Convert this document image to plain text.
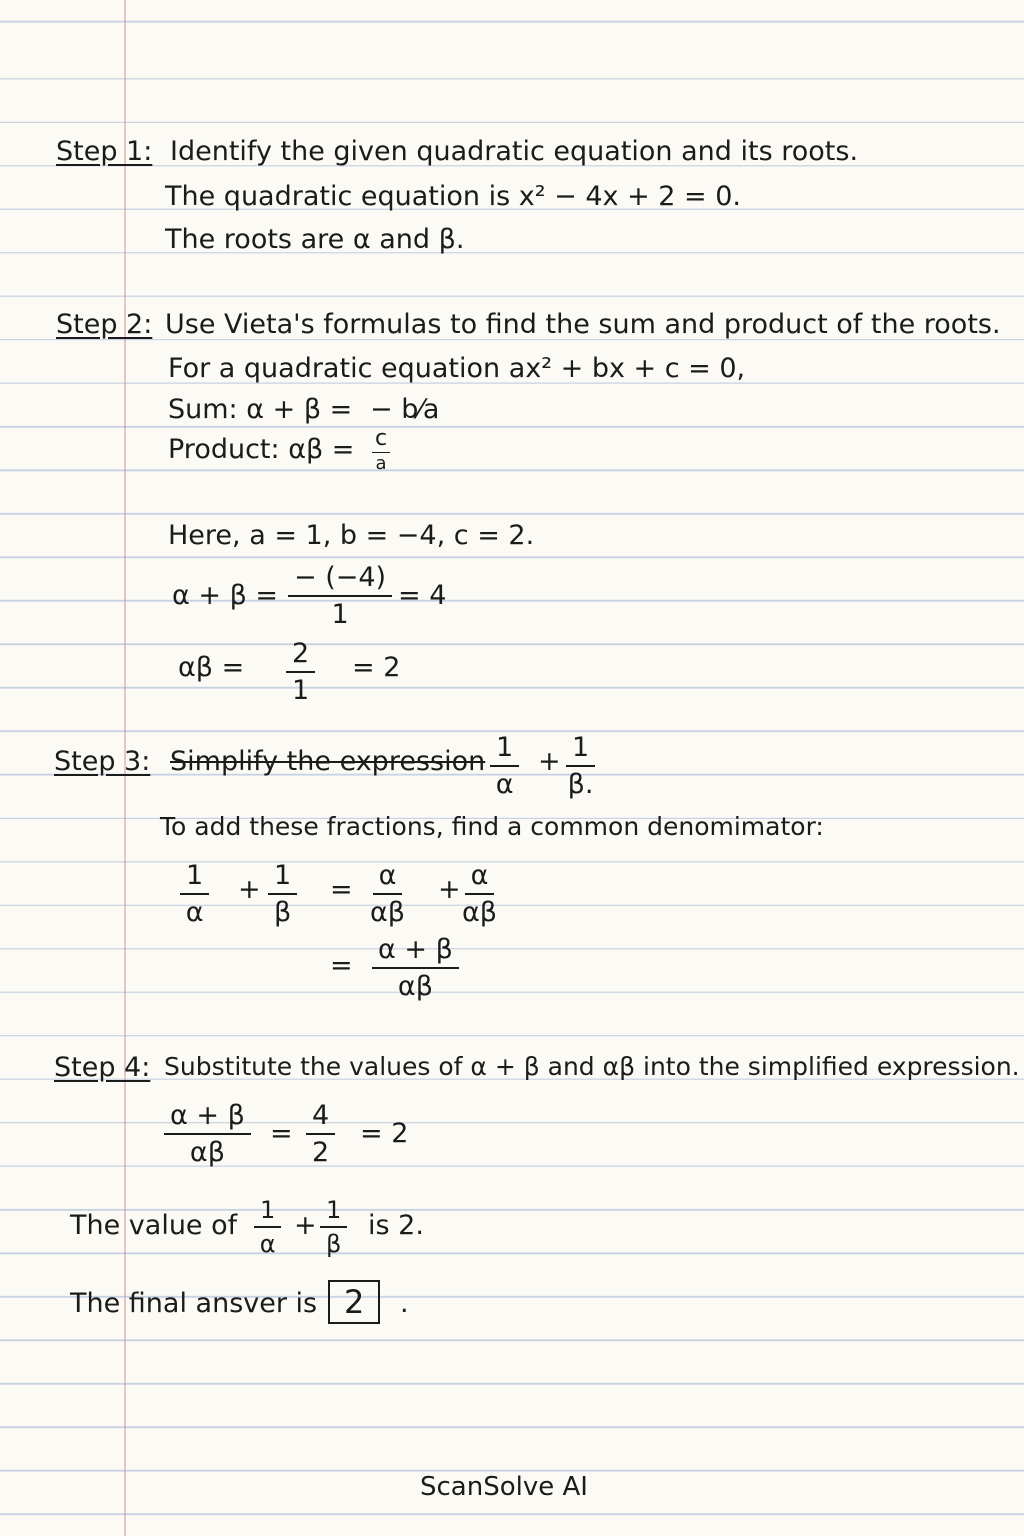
Step 1: Identify the given quadratic equation and its roots.
The quadratic equation is x² − 4x + 2 = 0.
The roots are α and β.
Step 2: Use Vieta's formulas to find the sum and product of the roots.
For a quadratic equation ax² + bx + c = 0,
Sum: α + β = − b⁄a
Product: αβ = c
a
Here, a = 1, b = −4, c = 2.
$\alpha + \beta = \frac{- (-4)}{1} = 4$
$\alpha\beta = \frac{2}{1} = 2$
Step 3: Simplify the expression $\frac{1}{\alpha} + \frac{1}{\beta.}$
To add these fractions, find a common denomimator:
$\frac{1}{\alpha} + \frac{1}{\beta} = \frac{\alpha}{\alpha\beta} + \frac{\alpha}{\alpha\beta}$
= $\frac{\alpha + \beta}{\alpha\beta}$
Step 4: Substitute the values of α + β and αβ into the simplified expression.
$\frac{\alpha + \beta}{\alpha\beta} = \frac{4}{2} = 2$
The value of $\frac{1}{\alpha} + \frac{1}{\beta}$ is 2.
The final ansver is 2	.
ScanSolve AI
